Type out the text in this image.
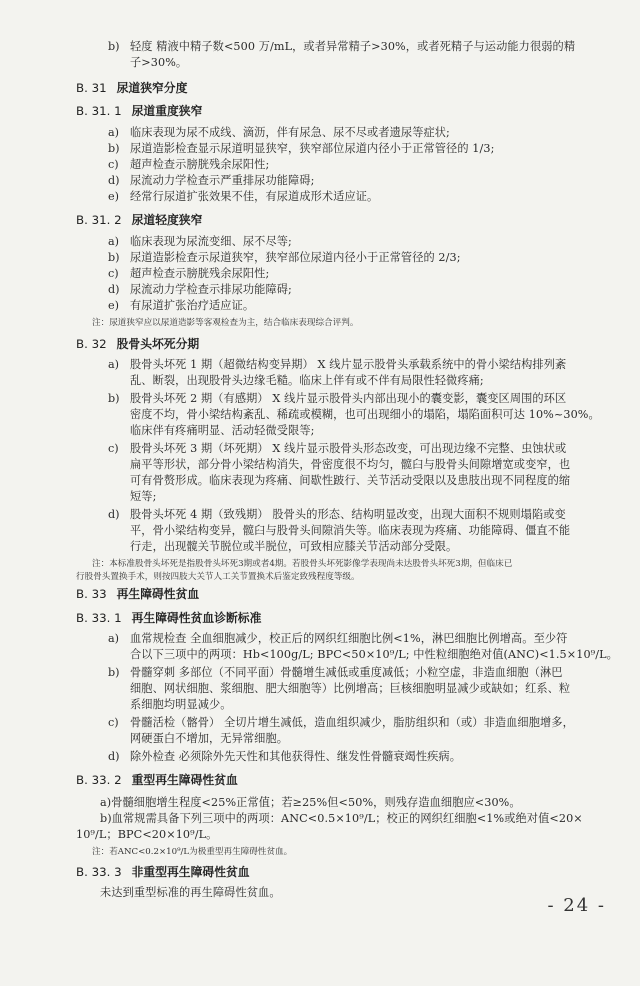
b) 轻度 精液中精子数<500 万/mL，或者异常精子>30%，或者死精子与运动能力很弱的精
子>30%。
B. 31 尿道狭窄分度
B. 31. 1 尿道重度狭窄
a) 临床表现为尿不成线、滴沥，伴有尿急、尿不尽或者遗尿等症状;
b) 尿道造影检查显示尿道明显狭窄，狭窄部位尿道内径小于正常管径的 1/3;
c) 超声检查示膀胱残余尿阳性;
d) 尿流动力学检查示严重排尿功能障碍;
e) 经常行尿道扩张效果不佳，有尿道成形术适应证。
B. 31. 2 尿道轻度狭窄
a) 临床表现为尿流变细、尿不尽等;
b) 尿道造影检查示尿道狭窄，狭窄部位尿道内径小于正常管径的 2/3;
c) 超声检查示膀胱残余尿阳性;
d) 尿流动力学检查示排尿功能障碍;
e) 有尿道扩张治疗适应证。
注：尿道狭窄应以尿道造影等客观检查为主，结合临床表现综合评判。
B. 32 股骨头坏死分期
a) 股骨头坏死 1 期（超微结构变异期） X 线片显示股骨头承载系统中的骨小梁结构排列紊
乱、断裂，出现股骨头边缘毛糙。临床上伴有或不伴有局限性轻微疼痛;
b) 股骨头坏死 2 期（有感期） X 线片显示股骨头内部出现小的囊变影，囊变区周围的环区
密度不均，骨小梁结构紊乱、稀疏或模糊，也可出现细小的塌陷，塌陷面积可达 10%~30%。
临床伴有疼痛明显、活动轻微受限等;
c) 股骨头坏死 3 期（坏死期） X 线片显示股骨头形态改变，可出现边缘不完整、虫蚀状或
扁平等形状，部分骨小梁结构消失，骨密度很不均匀，髋臼与股骨头间隙增宽或变窄，也
可有骨赘形成。临床表现为疼痛、间歇性跛行、关节活动受限以及患肢出现不同程度的缩
短等;
d) 股骨头坏死 4 期（致残期） 股骨头的形态、结构明显改变，出现大面积不规则塌陷或变
平，骨小梁结构变异，髋臼与股骨头间隙消失等。临床表现为疼痛、功能障碍、僵直不能
行走，出现髋关节脱位或半脱位，可致相应膝关节活动部分受限。
注：本标准股骨头坏死是指股骨头坏死3期或者4期。若股骨头坏死影像学表现尚未达股骨头坏死3期，但临床已
行股骨头置换手术，则按四肢大关节人工关节置换术后鉴定致残程度等级。
B. 33 再生障碍性贫血
B. 33. 1 再生障碍性贫血诊断标准
a) 血常规检查 全血细胞减少，校正后的网织红细胞比例<1%，淋巴细胞比例增高。至少符
合以下三项中的两项：Hb<100g/L; BPC<50×10⁹/L; 中性粒细胞绝对值(ANC)<1.5×10⁹/L。
b) 骨髓穿刺 多部位（不同平面）骨髓增生减低或重度减低；小粒空虚，非造血细胞（淋巴
细胞、网状细胞、浆细胞、肥大细胞等）比例增高；巨核细胞明显减少或缺如；红系、粒
系细胞均明显减少。
c) 骨髓活检（髂骨） 全切片增生减低，造血组织减少，脂肪组织和（或）非造血细胞增多，
网硬蛋白不增加，无异常细胞。
d) 除外检查 必须除外先天性和其他获得性、继发性骨髓衰竭性疾病。
B. 33. 2 重型再生障碍性贫血
a)骨髓细胞增生程度<25%正常值；若≥25%但<50%，则残存造血细胞应<30%。
b)血常规需具备下列三项中的两项：ANC<0.5×10⁹/L；校正的网织红细胞<1%或绝对值<20×
10⁹/L；BPC<20×10⁹/L。
注：若ANC<0.2×10⁹/L为极重型再生障碍性贫血。
B. 33. 3 非重型再生障碍性贫血
未达到重型标准的再生障碍性贫血。
- 24 -
